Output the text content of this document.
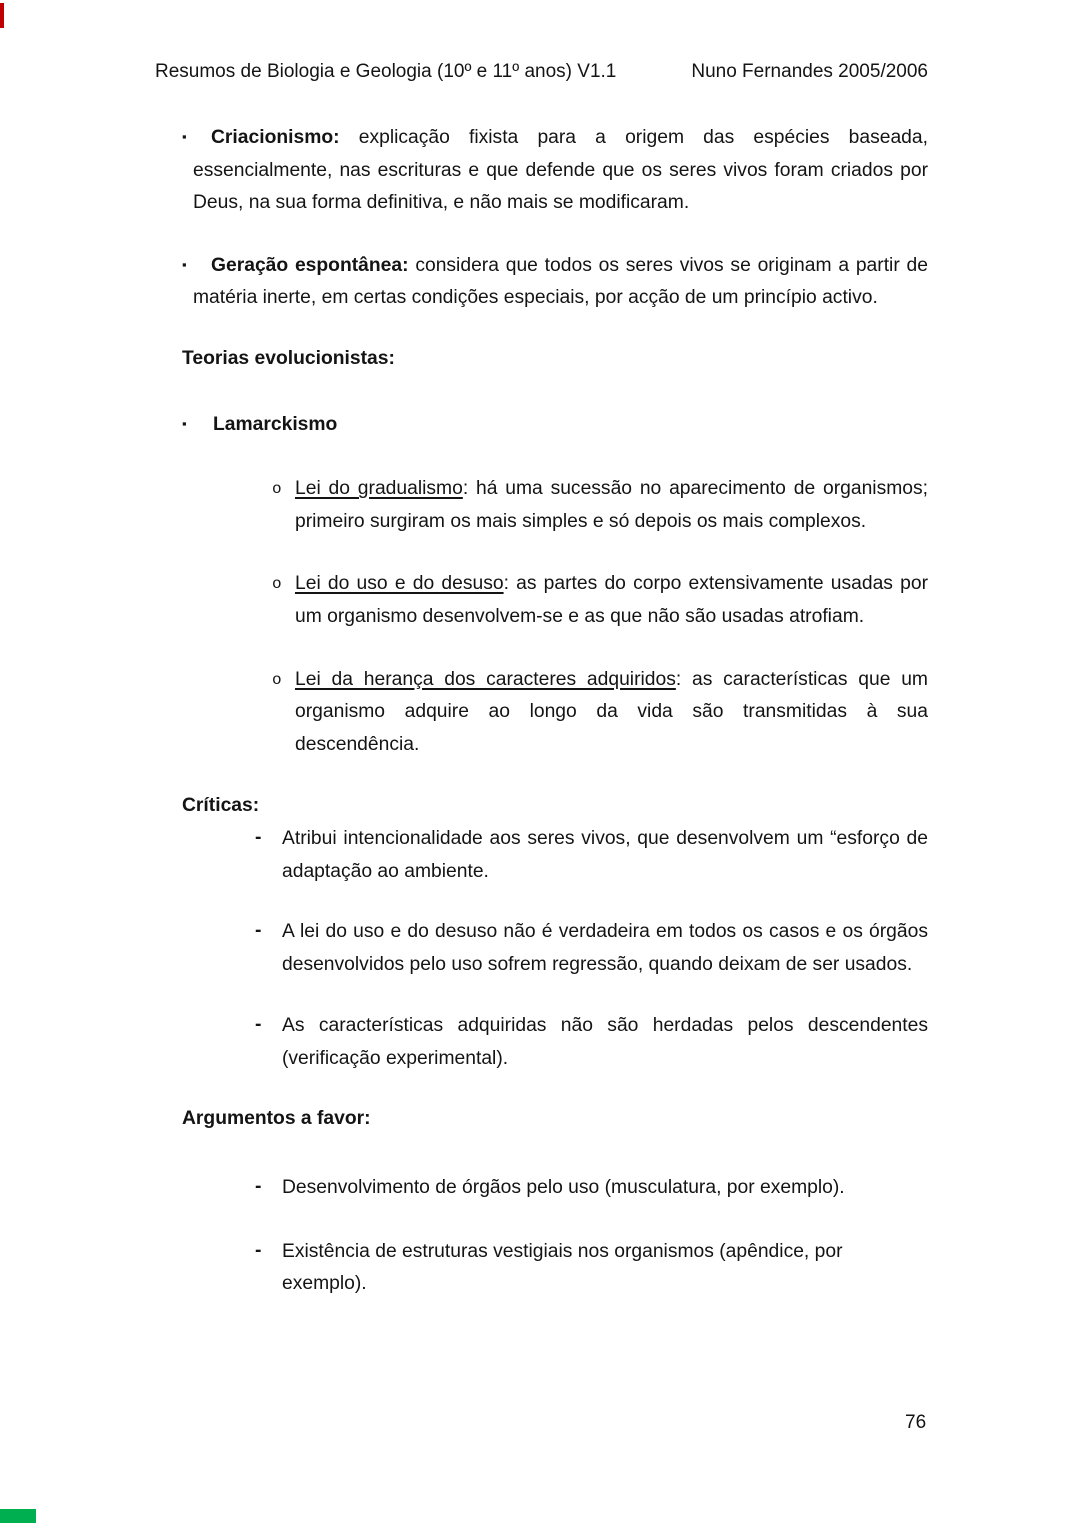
Resumos de Biologia e Geologia (10º e 11º anos) V1.1	Nuno Fernandes 2005/2006

▪ Criacionismo: explicação fixista para a origem das espécies baseada, essencialmente, nas escrituras e que defende que os seres vivos foram criados por Deus, na sua forma definitiva, e não mais se modificaram.

▪ Geração espontânea: considera que todos os seres vivos se originam a partir de matéria inerte, em certas condições especiais, por acção de um princípio activo.

Teorias evolucionistas:

▪ Lamarckismo

o Lei do gradualismo: há uma sucessão no aparecimento de organismos; primeiro surgiram os mais simples e só depois os mais complexos.

o Lei do uso e do desuso: as partes do corpo extensivamente usadas por um organismo desenvolvem-se e as que não são usadas atrofiam.

o Lei da herança dos caracteres adquiridos: as características que um organismo adquire ao longo da vida são transmitidas à sua descendência.

Críticas:

- Atribui intencionalidade aos seres vivos, que desenvolvem um “esforço de adaptação ao ambiente.

- A lei do uso e do desuso não é verdadeira em todos os casos e os órgãos desenvolvidos pelo uso sofrem regressão, quando deixam de ser usados.

- As características adquiridas não são herdadas pelos descendentes (verificação experimental).

Argumentos a favor:

- Desenvolvimento de órgãos pelo uso (musculatura, por exemplo).

- Existência de estruturas vestigiais nos organismos (apêndice, por exemplo).

76
